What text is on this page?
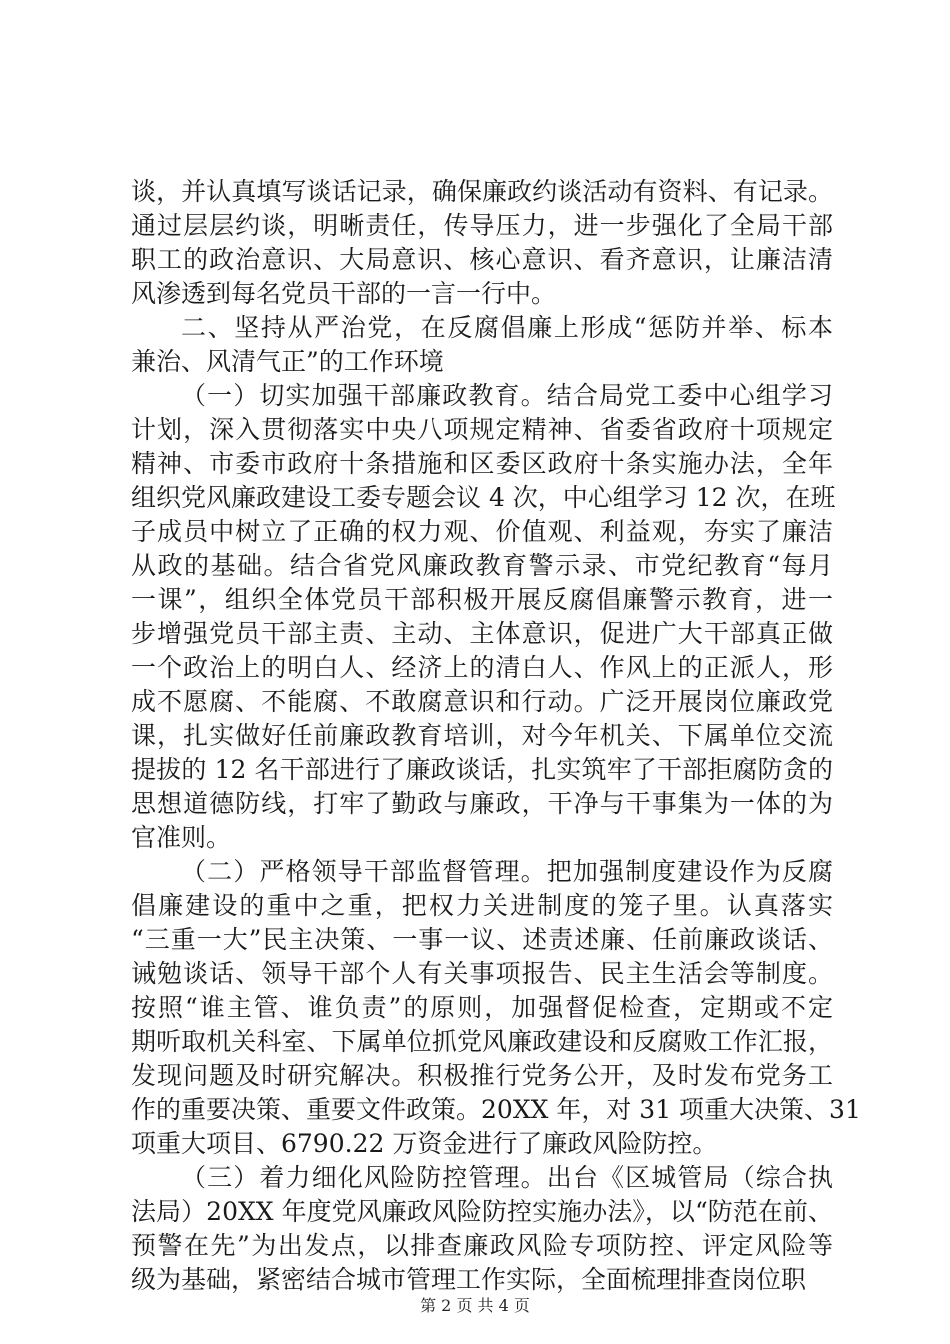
谈，并认真填写谈话记录，确保廉政约谈活动有资料、有记录。
通过层层约谈，明晰责任，传导压力，进一步强化了全局干部
职工的政治意识、大局意识、核心意识、看齐意识，让廉洁清
风渗透到每名党员干部的一言一行中。
二、坚持从严治党，在反腐倡廉上形成“惩防并举、标本
兼治、风清气正”的工作环境
（一）切实加强干部廉政教育。结合局党工委中心组学习
计划，深入贯彻落实中央八项规定精神、省委省政府十项规定
精神、市委市政府十条措施和区委区政府十条实施办法，全年
组织党风廉政建设工委专题会议 4 次，中心组学习 12 次，在班
子成员中树立了正确的权力观、价值观、利益观，夯实了廉洁
从政的基础。结合省党风廉政教育警示录、市党纪教育“每月
一课”，组织全体党员干部积极开展反腐倡廉警示教育，进一
步增强党员干部主责、主动、主体意识，促进广大干部真正做
一个政治上的明白人、经济上的清白人、作风上的正派人，形
成不愿腐、不能腐、不敢腐意识和行动。广泛开展岗位廉政党
课，扎实做好任前廉政教育培训，对今年机关、下属单位交流
提拔的 12 名干部进行了廉政谈话，扎实筑牢了干部拒腐防贪的
思想道德防线，打牢了勤政与廉政，干净与干事集为一体的为
官准则。
（二）严格领导干部监督管理。把加强制度建设作为反腐
倡廉建设的重中之重，把权力关进制度的笼子里。认真落实
“三重一大”民主决策、一事一议、述责述廉、任前廉政谈话、
诫勉谈话、领导干部个人有关事项报告、民主生活会等制度。
按照“谁主管、谁负责”的原则，加强督促检查，定期或不定
期听取机关科室、下属单位抓党风廉政建设和反腐败工作汇报，
发现问题及时研究解决。积极推行党务公开，及时发布党务工
作的重要决策、重要文件政策。20XX 年，对 31 项重大决策、31
项重大项目、6790.22 万资金进行了廉政风险防控。
（三）着力细化风险防控管理。出台《区城管局（综合执
法局）20XX 年度党风廉政风险防控实施办法》，以“防范在前、
预警在先”为出发点，以排查廉政风险专项防控、评定风险等
级为基础，紧密结合城市管理工作实际，全面梳理排查岗位职
第 2 页 共 4 页
